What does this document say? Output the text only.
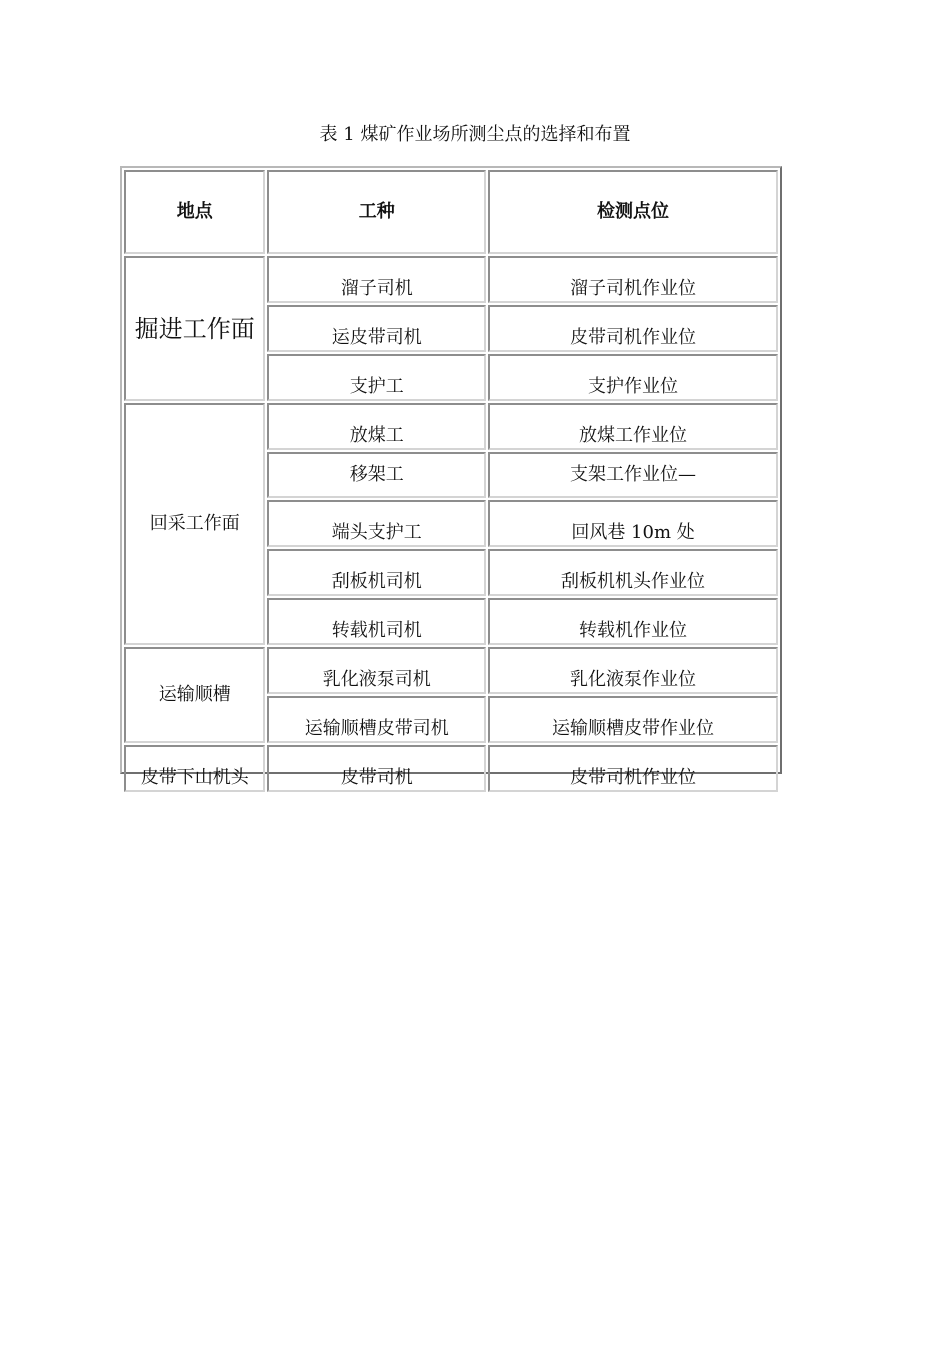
表 1 煤矿作业场所测尘点的选择和布置
地点	工种	检测点位
掘进工作面	溜子司机	溜子司机作业位
	运皮带司机	皮带司机作业位
	支护工	支护作业位
回采工作面	放煤工	放煤工作业位
	移架工	支架工作业位—
	端头支护工	回风巷 10m 处
	刮板机司机	刮板机机头作业位
	转载机司机	转载机作业位
运输顺槽	乳化液泵司机	乳化液泵作业位
	运输顺槽皮带司机	运输顺槽皮带作业位
皮带下山机头	皮带司机	皮带司机作业位
